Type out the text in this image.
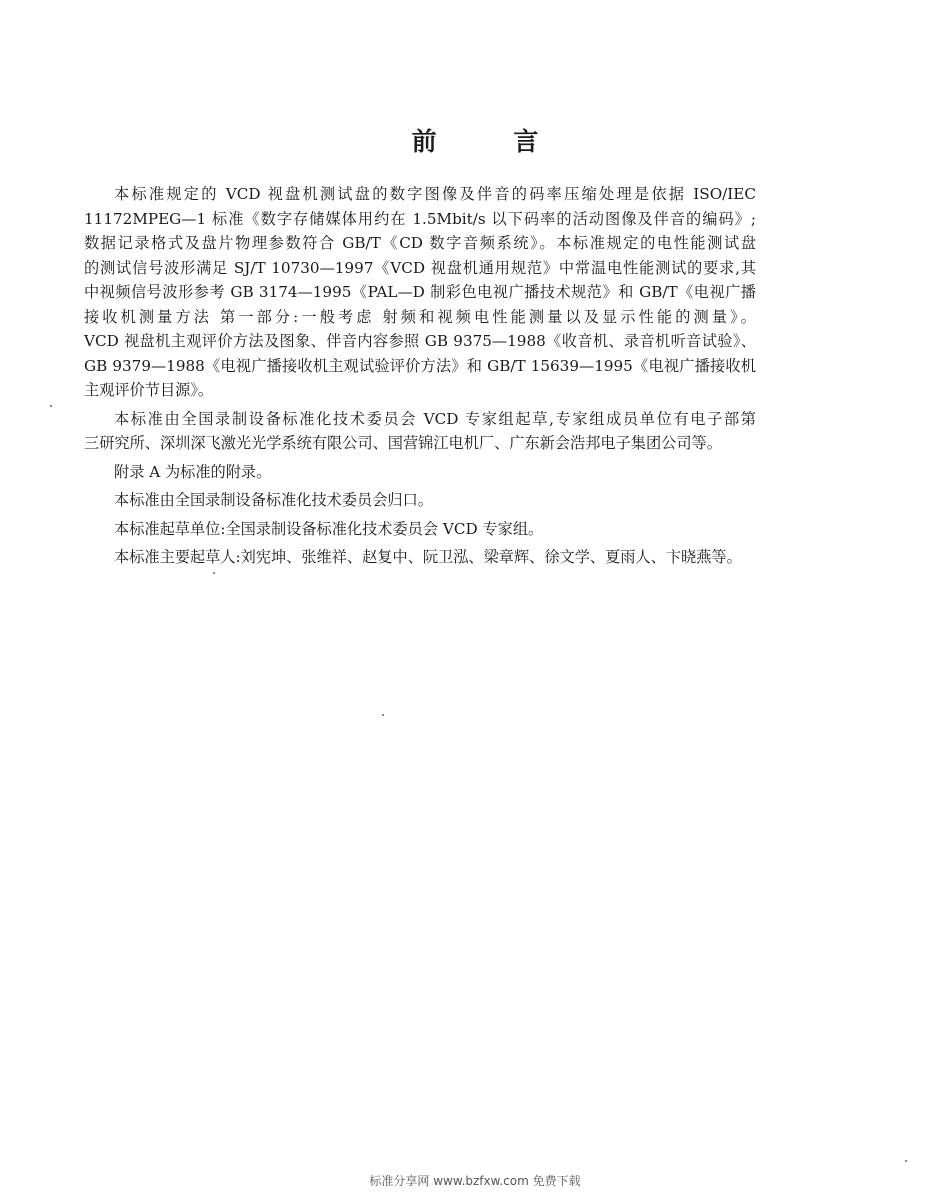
前 言

本标准规定的 VCD 视盘机测试盘的数字图像及伴音的码率压缩处理是依据 ISO/IEC

11172MPEG—1 标准《数字存储媒体用约在 1.5Mbit/s 以下码率的活动图像及伴音的编码》;

数据记录格式及盘片物理参数符合 GB/T《CD 数字音频系统》。本标准规定的电性能测试盘

的测试信号波形满足 SJ/T 10730—1997《VCD 视盘机通用规范》中常温电性能测试的要求,其

中视频信号波形参考 GB 3174—1995《PAL—D 制彩色电视广播技术规范》和 GB/T《电视广播

接收机测量方法 第一部分:一般考虑 射频和视频电性能测量以及显示性能的测量》。

VCD 视盘机主观评价方法及图象、伴音内容参照 GB 9375—1988《收音机、录音机听音试验》、

GB 9379—1988《电视广播接收机主观试验评价方法》和 GB/T 15639—1995《电视广播接收机

主观评价节目源》。

本标准由全国录制设备标准化技术委员会 VCD 专家组起草,专家组成员单位有电子部第

三研究所、深圳深飞激光光学系统有限公司、国营锦江电机厂、广东新会浩邦电子集团公司等。

附录 A 为标准的附录。

本标准由全国录制设备标准化技术委员会归口。

本标准起草单位:全国录制设备标准化技术委员会 VCD 专家组。

本标准主要起草人:刘宪坤、张维祥、赵复中、阮卫泓、梁章辉、徐文学、夏雨人、卞晓燕等。

标准分享网 www.bzfxw.com 免费下载
